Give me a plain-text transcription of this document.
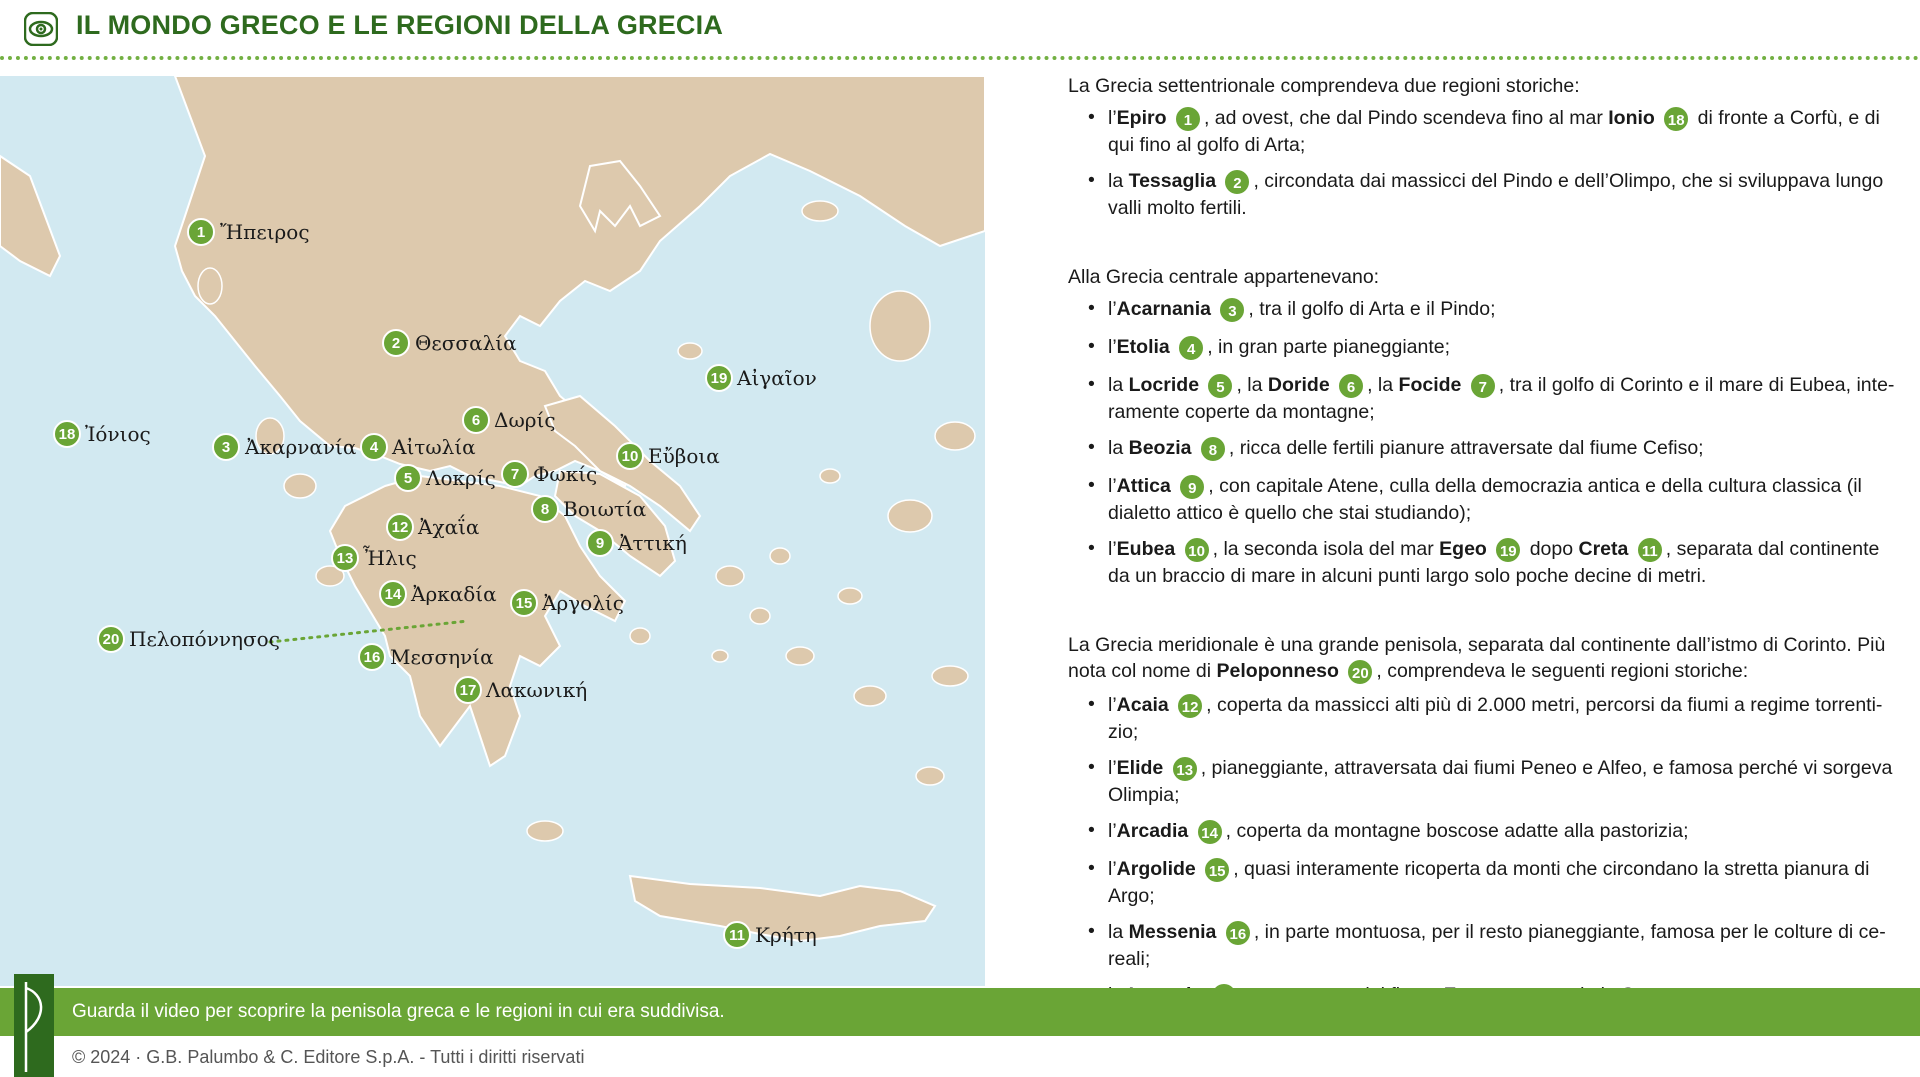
IL MONDO GRECO E LE REGIONI DELLA GRECIA
1 Ἤπειρος
2 Θεσσαλία
3 Ἀκαρνανία 4 Αἰτωλία
5 Λοκρίς
6 Δωρίς
7 Φωκίς
8 Βοιωτία
9 Ἀττική
10 Εὔβοια
11 Κρήτη
12 Ἀχαΐα
13 Ἦλις
14 Ἀρκαδία 15 Ἀργολίς
16 Μεσσηνία
17 Λακωνική
18 Ἰόνιος
19 Αἰγαῖον
20 Πελοπόννησος

La Grecia settentrionale comprendeva due regioni storiche:

• l’Epiro 1 , ad ovest, che dal Pindo scendeva fino al mar Ionio 18 di fronte a Corfù, e di qui fino al golfo di Arta;
• la Tessaglia 2 , circondata dai massicci del Pindo e dell’Olimpo, che si sviluppava lungo valli molto fertili.

Alla Grecia centrale appartenevano:

• l’Acarnania 3 , tra il golfo di Arta e il Pindo;
• l’Etolia 4 , in gran parte pianeggiante;
• la Locride 5 , la Doride 6 , la Focide 7 , tra il golfo di Corinto e il mare di Eubea, inte-ramente coperte da montagne;
• la Beozia 8 , ricca delle fertili pianure attraversate dal fiume Cefiso;
• l’Attica 9 , con capitale Atene, culla della democrazia antica e della cultura classica (il dialetto attico è quello che stai studiando);
• l’Eubea 10 , la seconda isola del mar Egeo 19 dopo Creta 11 , separata dal continente da un braccio di mare in alcuni punti largo solo poche decine di metri.

La Grecia meridionale è una grande penisola, separata dal continente dall’istmo di Corinto. Più nota col nome di Peloponneso 20 , comprendeva le seguenti regioni storiche:

• l’Acaia 12 , coperta da massicci alti più di 2.000 metri, percorsi da fiumi a regime torrenti-zio;
• l’Elide 13 , pianeggiante, attraversata dai fiumi Peneo e Alfeo, e famosa perché vi sorgeva Olimpia;
• l’Arcadia 14 , coperta da montagne boscose adatte alla pastorizia;
• l’Argolide 15 , quasi interamente ricoperta da monti che circondano la stretta pianura di Argo;
• la Messenia 16 , in parte montuosa, per il resto pianeggiante, famosa per le colture di ce-reali;
•
Guarda il video per scoprire la penisola greca e le regioni in cui era suddivisa.
© 2024 · G.B. Palumbo & C. Editore S.p.A. - Tutti i diritti riservati
